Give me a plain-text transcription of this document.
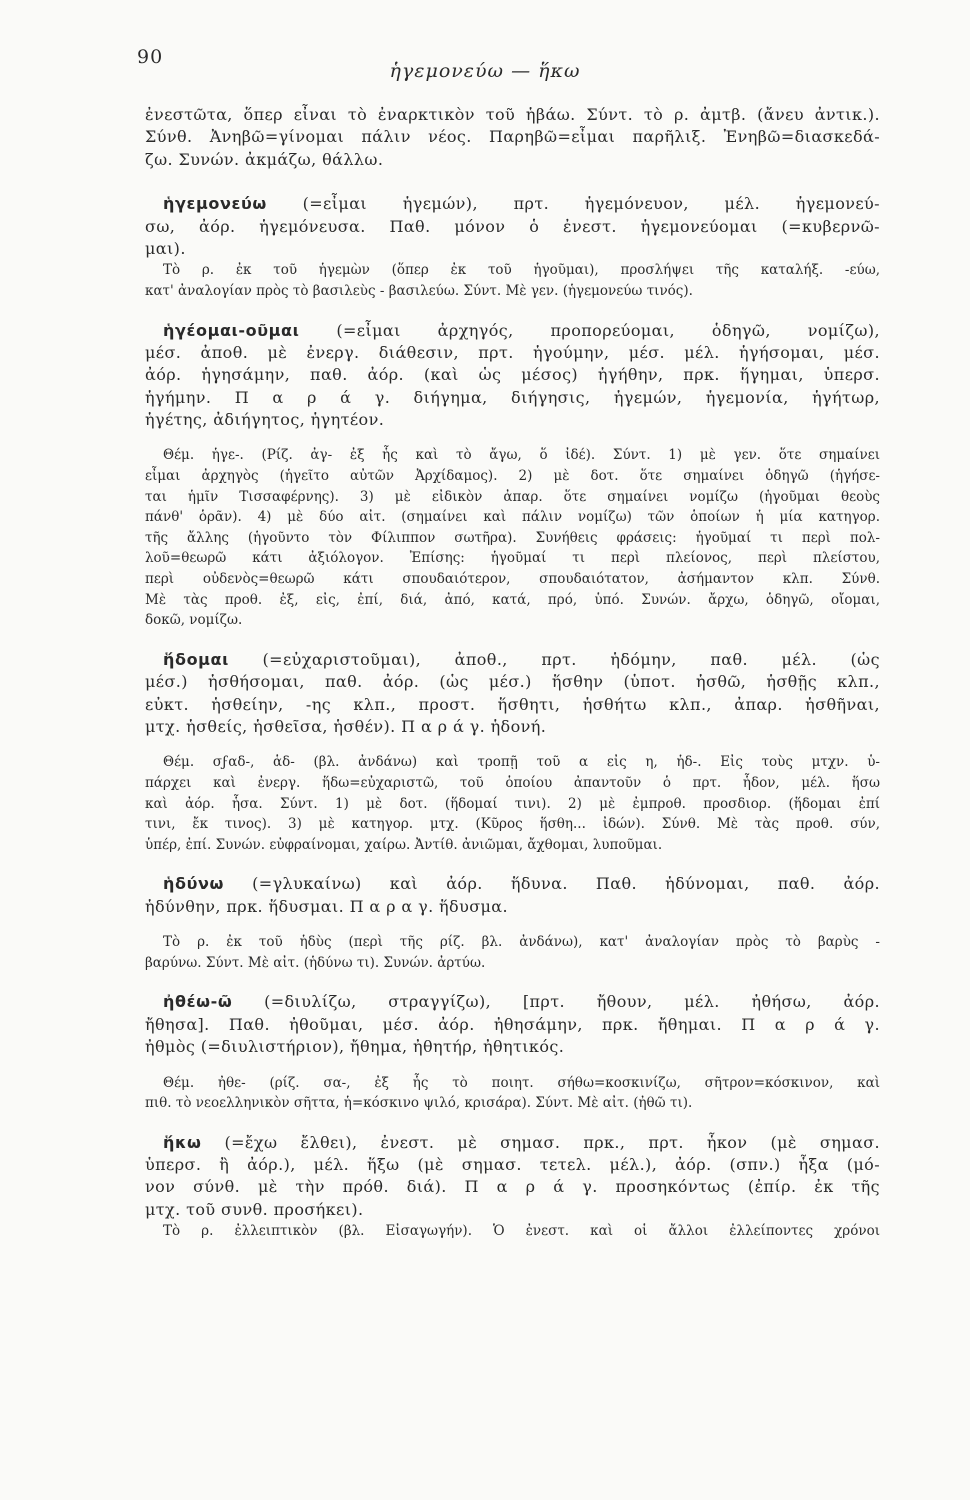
90
ἡγεμονεύω — ἥκω
ἐνεστῶτα, ὅπερ εἶναι τὸ ἐναρκτικὸν τοῦ ἡβάω. Σύντ. τὸ ρ. ἀμτβ. (ἄνευ ἀντικ.).
Σύνθ. Ἀνηβῶ=γίνομαι πάλιν νέος. Παρηβῶ=εἶμαι παρῆλιξ. Ἐνηβῶ=διασκεδά-
ζω. Συνών. ἀκμάζω, θάλλω.
ἡγεμονεύω (=εἶμαι ἡγεμών), πρτ. ἡγεμόνευον, μέλ. ἡγεμονεύ-
σω, ἀόρ. ἡγεμόνευσα. Παθ. μόνον ὁ ἐνεστ. ἡγεμονεύομαι (=κυβερνῶ-
μαι).
Τὸ ρ. ἐκ τοῦ ἡγεμὼν (ὅπερ ἐκ τοῦ ἡγοῦμαι), προσλήψει τῆς καταλήξ. -εύω,
κατ' ἀναλογίαν πρὸς τὸ βασιλεὺς - βασιλεύω. Σύντ. Μὲ γεν. (ἡγεμονεύω τινός).
ἡγέομαι-οῦμαι (=εἶμαι ἀρχηγός, προπορεύομαι, ὁδηγῶ, νομίζω),
μέσ. ἀποθ. μὲ ἐνεργ. διάθεσιν, πρτ. ἡγούμην, μέσ. μέλ. ἡγήσομαι, μέσ.
ἀόρ. ἡγησάμην, παθ. ἀόρ. (καὶ ὡς μέσος) ἡγήθην, πρκ. ἥγημαι, ὑπερσ.
ἡγήμην. Π α ρ ά γ. διήγημα, διήγησις, ἡγεμών, ἡγεμονία, ἡγήτωρ,
ἡγέτης, ἀδιήγητος, ἡγητέον.
Θέμ. ἡγε-. (Ρίζ. ἀγ- ἐξ ἧς καὶ τὸ ἄγω, ὅ ἰδέ). Σύντ. 1) μὲ γεν. ὅτε σημαίνει
εἶμαι ἀρχηγὸς (ἡγεῖτο αὐτῶν Ἀρχίδαμος). 2) μὲ δοτ. ὅτε σημαίνει ὁδηγῶ (ἡγήσε-
ται ἡμῖν Τισσαφέρνης). 3) μὲ εἰδικὸν ἀπαρ. ὅτε σημαίνει νομίζω (ἡγοῦμαι θεοὺς
πάνθ' ὁρᾶν). 4) μὲ δύο αἰτ. (σημαίνει καὶ πάλιν νομίζω) τῶν ὁποίων ἡ μία κατηγορ.
τῆς ἄλλης (ἡγοῦντο τὸν Φίλιππον σωτῆρα). Συνήθεις φράσεις: ἡγοῦμαί τι περὶ πολ-
λοῦ=θεωρῶ κάτι ἀξιόλογον. Ἐπίσης: ἡγοῦμαί τι περὶ πλείονος, περὶ πλείστου,
περὶ οὐδενὸς=θεωρῶ κάτι σπουδαιότερον, σπουδαιότατον, ἀσήμαντον κλπ. Σύνθ.
Μὲ τὰς προθ. ἐξ, εἰς, ἐπί, διά, ἀπό, κατά, πρό, ὑπό. Συνών. ἄρχω, ὁδηγῶ, οἴομαι,
δοκῶ, νομίζω.
ἥδομαι (=εὐχαριστοῦμαι), ἀποθ., πρτ. ἡδόμην, παθ. μέλ. (ὡς
μέσ.) ἡσθήσομαι, παθ. ἀόρ. (ὡς μέσ.) ἥσθην (ὑποτ. ἡσθῶ, ἡσθῇς κλπ.,
εὐκτ. ἡσθείην, -ης κλπ., προστ. ἥσθητι, ἡσθήτω κλπ., ἀπαρ. ἡσθῆναι,
μτχ. ἡσθείς, ἡσθεῖσα, ἡσθέν). Π α ρ ά γ. ἡδονή.
Θέμ. σϝαδ-, ἁδ- (βλ. ἀνδάνω) καὶ τροπῇ τοῦ α εἰς η, ἡδ-. Εἰς τοὺς μτχν. ὑ-
πάρχει καὶ ἐνεργ. ἥδω=εὐχαριστῶ, τοῦ ὁποίου ἀπαντοῦν ὁ πρτ. ἧδον, μέλ. ἥσω
καὶ ἀόρ. ἧσα. Σύντ. 1) μὲ δοτ. (ἥδομαί τινι). 2) μὲ ἐμπροθ. προσδιορ. (ἥδομαι ἐπί
τινι, ἔκ τινος). 3) μὲ κατηγορ. μτχ. (Κῦρος ἥσθη... ἰδών). Σύνθ. Μὲ τὰς προθ. σύν,
ὑπέρ, ἐπί. Συνών. εὐφραίνομαι, χαίρω. Ἀντίθ. ἀνιῶμαι, ἄχθομαι, λυποῦμαι.
ἡδύνω (=γλυκαίνω) καὶ ἀόρ. ἥδυνα. Παθ. ἡδύνομαι, παθ. ἀόρ.
ἡδύνθην, πρκ. ἥδυσμαι. Π α ρ α γ. ἥδυσμα.
Τὸ ρ. ἐκ τοῦ ἡδὺς (περὶ τῆς ρίζ. βλ. ἀνδάνω), κατ' ἀναλογίαν πρὸς τὸ βαρὺς -
βαρύνω. Σύντ. Μὲ αἰτ. (ἡδύνω τι). Συνών. ἀρτύω.
ἠθέω-ῶ (=διυλίζω, στραγγίζω), [πρτ. ἤθουν, μέλ. ἠθήσω, ἀόρ.
ἤθησα]. Παθ. ἠθοῦμαι, μέσ. ἀόρ. ἠθησάμην, πρκ. ἤθημαι. Π α ρ ά γ.
ἠθμὸς (=διυλιστήριον), ἤθημα, ἠθητήρ, ἠθητικός.
Θέμ. ἠθε- (ρίζ. σα-, ἐξ ἧς τὸ ποιητ. σήθω=κοσκινίζω, σῆτρον=κόσκινον, καὶ
πιθ. τὸ νεοελληνικὸν σῆττα, ἡ=κόσκινο ψιλό, κρισάρα). Σύντ. Μὲ αἰτ. (ἠθῶ τι).
ἥκω (=ἔχω ἔλθει), ἐνεστ. μὲ σημασ. πρκ., πρτ. ἧκον (μὲ σημασ.
ὑπερσ. ἢ ἀόρ.), μέλ. ἥξω (μὲ σημασ. τετελ. μέλ.), ἀόρ. (σπν.) ἧξα (μό-
νον σύνθ. μὲ τὴν πρόθ. διά). Π α ρ ά γ. προσηκόντως (ἐπίρ. ἐκ τῆς
μτχ. τοῦ συνθ. προσήκει).
Τὸ ρ. ἐλλειπτικὸν (βλ. Εἰσαγωγήν). Ὁ ἐνεστ. καὶ οἱ ἄλλοι ἐλλείποντες χρόνοι
